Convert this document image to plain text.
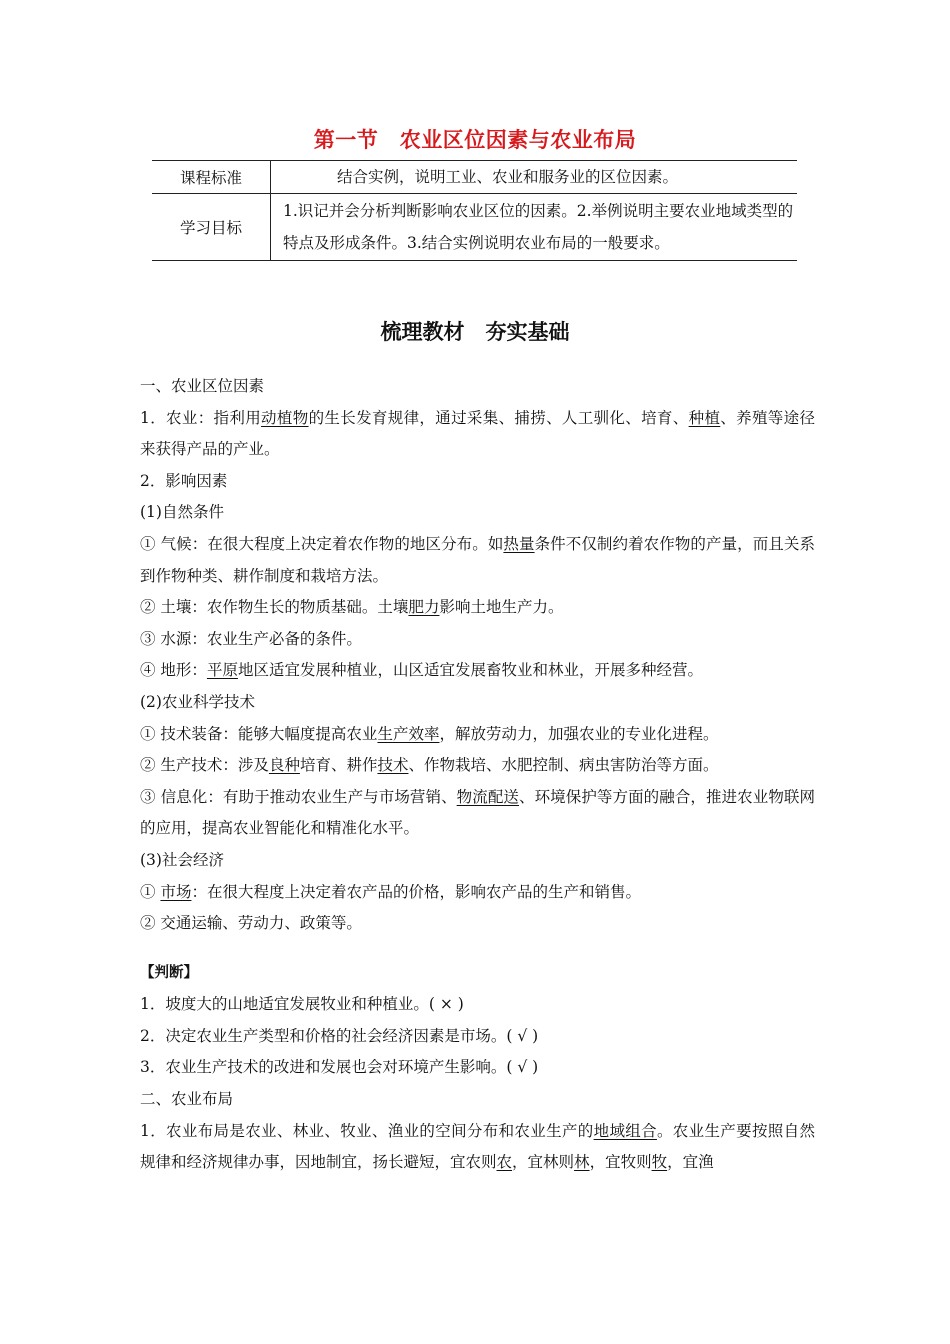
第一节　农业区位因素与农业布局
课程标准	结合实例，说明工业、农业和服务业的区位因素。
学习目标	1.识记并会分析判断影响农业区位的因素。2.举例说明主要农业地域类型的特点及形成条件。3.结合实例说明农业布局的一般要求。
梳理教材　夯实基础

一、农业区位因素

1．农业：指利用动植物的生长发育规律，通过采集、捕捞、人工驯化、培育、种植、养殖等途径来获得产品的产业。

2．影响因素

(1)自然条件

① 气候：在很大程度上决定着农作物的地区分布。如热量条件不仅制约着农作物的产量，而且关系到作物种类、耕作制度和栽培方法。

② 土壤：农作物生长的物质基础。土壤肥力影响土地生产力。

③ 水源：农业生产必备的条件。

④ 地形：平原地区适宜发展种植业，山区适宜发展畜牧业和林业，开展多种经营。

(2)农业科学技术

① 技术装备：能够大幅度提高农业生产效率，解放劳动力，加强农业的专业化进程。

② 生产技术：涉及良种培育、耕作技术、作物栽培、水肥控制、病虫害防治等方面。

③ 信息化：有助于推动农业生产与市场营销、物流配送、环境保护等方面的融合，推进农业物联网的应用，提高农业智能化和精准化水平。

(3)社会经济

① 市场：在很大程度上决定着农产品的价格，影响农产品的生产和销售。

② 交通运输、劳动力、政策等。

【判断】

1．坡度大的山地适宜发展牧业和种植业。( × )

2．决定农业生产类型和价格的社会经济因素是市场。( √ )

3．农业生产技术的改进和发展也会对环境产生影响。( √ )

二、农业布局

1．农业布局是农业、林业、牧业、渔业的空间分布和农业生产的地域组合。农业生产要按照自然规律和经济规律办事，因地制宜，扬长避短，宜农则农，宜林则林，宜牧则牧，宜渔
